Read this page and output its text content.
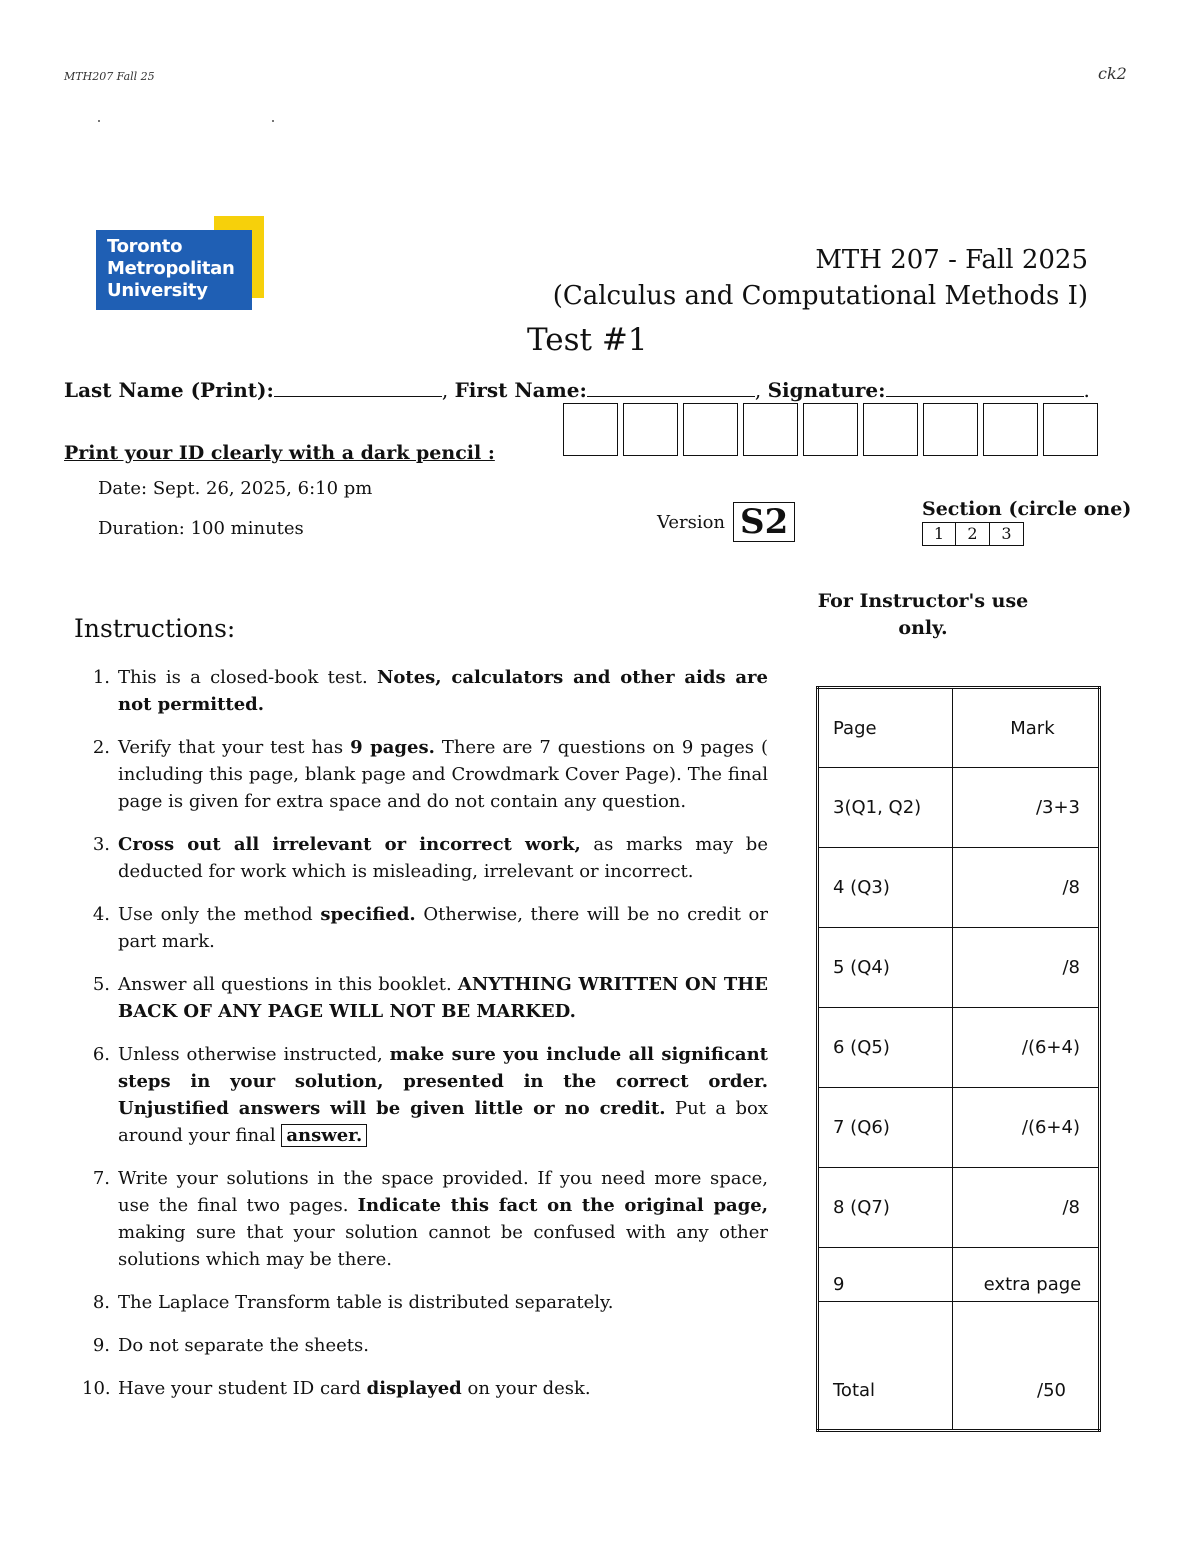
MTH207 Fall 25	ck2
Toronto
Metropolitan
University
MTH 207 - Fall 2025
(Calculus and Computational Methods I)
Test #1
Last Name (Print):	, First Name:	, Signature:	.
Print your ID clearly with a dark pencil :
Date: Sept. 26, 2025, 6:10 pm
Duration: 100 minutes	Version S2	Section (circle one)
1	2	3
Instructions:
1. This is a closed-book test. Notes, calculators and other aids are not permitted.
2. Verify that your test has 9 pages. There are 7 questions on 9 pages ( including this page, blank page and Crowdmark Cover Page). The final page is given for extra space and do not contain any question.
3. Cross out all irrelevant or incorrect work, as marks may be deducted for work which is misleading, irrelevant or incorrect.
4. Use only the method specified. Otherwise, there will be no credit or part mark.
5. Answer all questions in this booklet. ANYTHING WRITTEN ON THE BACK OF ANY PAGE WILL NOT BE MARKED.
6. Unless otherwise instructed, make sure you include all significant steps in your solution, presented in the correct order. Unjustified answers will be given little or no credit. Put a box around your final answer.
7. Write your solutions in the space provided. If you need more space, use the final two pages. Indicate this fact on the original page, making sure that your solution cannot be confused with any other solutions which may be there.
8. The Laplace Transform table is distributed separately.
9. Do not separate the sheets.
10. Have your student ID card displayed on your desk.
For Instructor's use
only.
Page	Mark
3(Q1, Q2)	/3+3
4 (Q3)	/8
5 (Q4)	/8
6 (Q5)	/(6+4)
7 (Q6)	/(6+4)
8 (Q7)	/8
9	extra page
Total	/50
